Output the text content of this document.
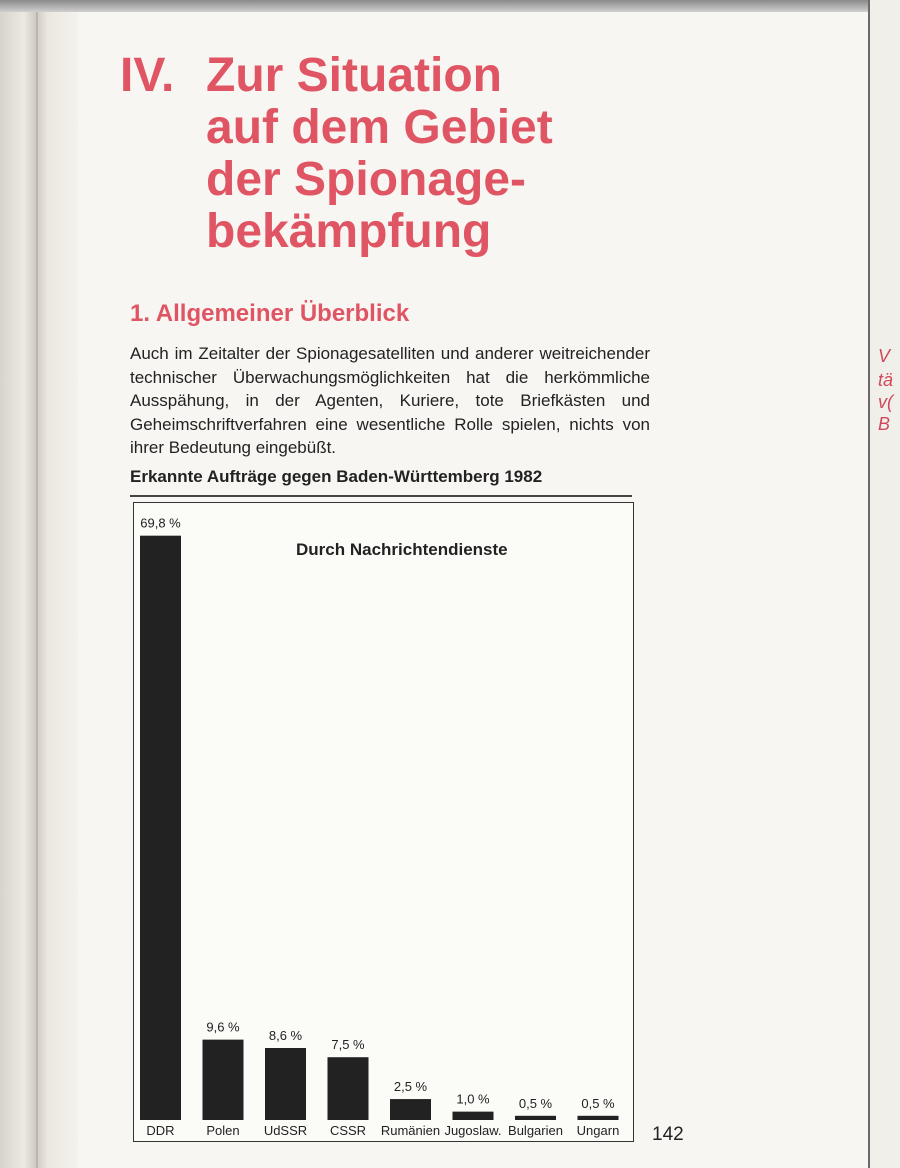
V
tä
v(
B
IV. Zur Situation
auf dem Gebiet
der Spionage-
bekämpfung
1. Allgemeiner Überblick
Auch im Zeitalter der Spionagesatelliten und anderer weitreichender technischer Überwachungsmöglichkeiten hat die herkömmliche Ausspähung, in der Agenten, Kuriere, tote Briefkästen und Geheimschriftverfahren eine wesentliche Rolle spielen, nichts von ihrer Bedeutung eingebüßt.
Erkannte Aufträge gegen Baden-Württemberg 1982
Durch Nachrichtendienste
69,8 %
DDR
9,6 %
Polen
8,6 %
UdSSR
7,5 %
CSSR
2,5 %
Rumänien
1,0 %
Jugoslaw.
0,5 %
Bulgarien
0,5 %
Ungarn 142
